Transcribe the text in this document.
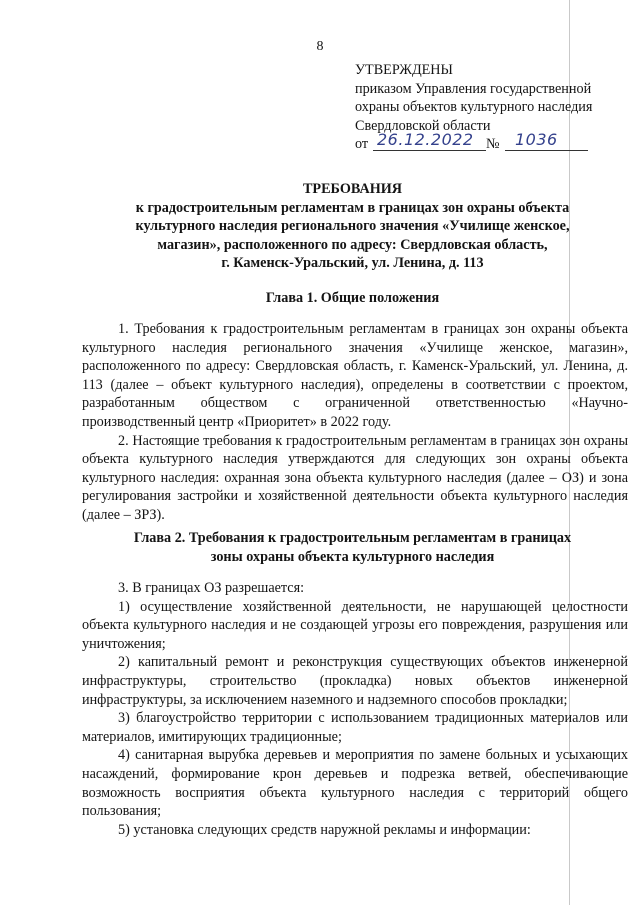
8
УТВЕРЖДЕНЫ
приказом Управления государственной
охраны объектов культурного наследия
Свердловской области
от 26.12.2022 № 1036
ТРЕБОВАНИЯ
к градостроительным регламентам в границах зон охраны объекта
культурного наследия регионального значения «Училище женское,
магазин», расположенного по адресу: Свердловская область,
г. Каменск-Уральский, ул. Ленина, д. 113
Глава 1. Общие положения

1. Требования к градостроительным регламентам в границах зон охраны объекта культурного наследия регионального значения «Училище женское, магазин», расположенного по адресу: Свердловская область, г. Каменск-Уральский, ул. Ленина, д. 113 (далее – объект культурного наследия), определены в соответствии с проектом, разработанным обществом с ограниченной ответственностью «Научно-производственный центр «Приоритет» в 2022 году.

2. Настоящие требования к градостроительным регламентам в границах зон охраны объекта культурного наследия утверждаются для следующих зон охраны объекта культурного наследия: охранная зона объекта культурного наследия (далее – ОЗ) и зона регулирования застройки и хозяйственной деятельности объекта культурного наследия (далее – ЗРЗ).

Глава 2. Требования к градостроительным регламентам в границах
зоны охраны объекта культурного наследия

3. В границах ОЗ разрешается:

1) осуществление хозяйственной деятельности, не нарушающей целостности объекта культурного наследия и не создающей угрозы его повреждения, разрушения или уничтожения;

2) капитальный ремонт и реконструкция существующих объектов инженерной инфраструктуры, строительство (прокладка) новых объектов инженерной инфраструктуры, за исключением наземного и надземного способов прокладки;

3) благоустройство территории с использованием традиционных материалов или материалов, имитирующих традиционные;

4) санитарная вырубка деревьев и мероприятия по замене больных и усыхающих насаждений, формирование крон деревьев и подрезка ветвей, обеспечивающие возможность восприятия объекта культурного наследия с территорий общего пользования;

5) установка следующих средств наружной рекламы и информации:
